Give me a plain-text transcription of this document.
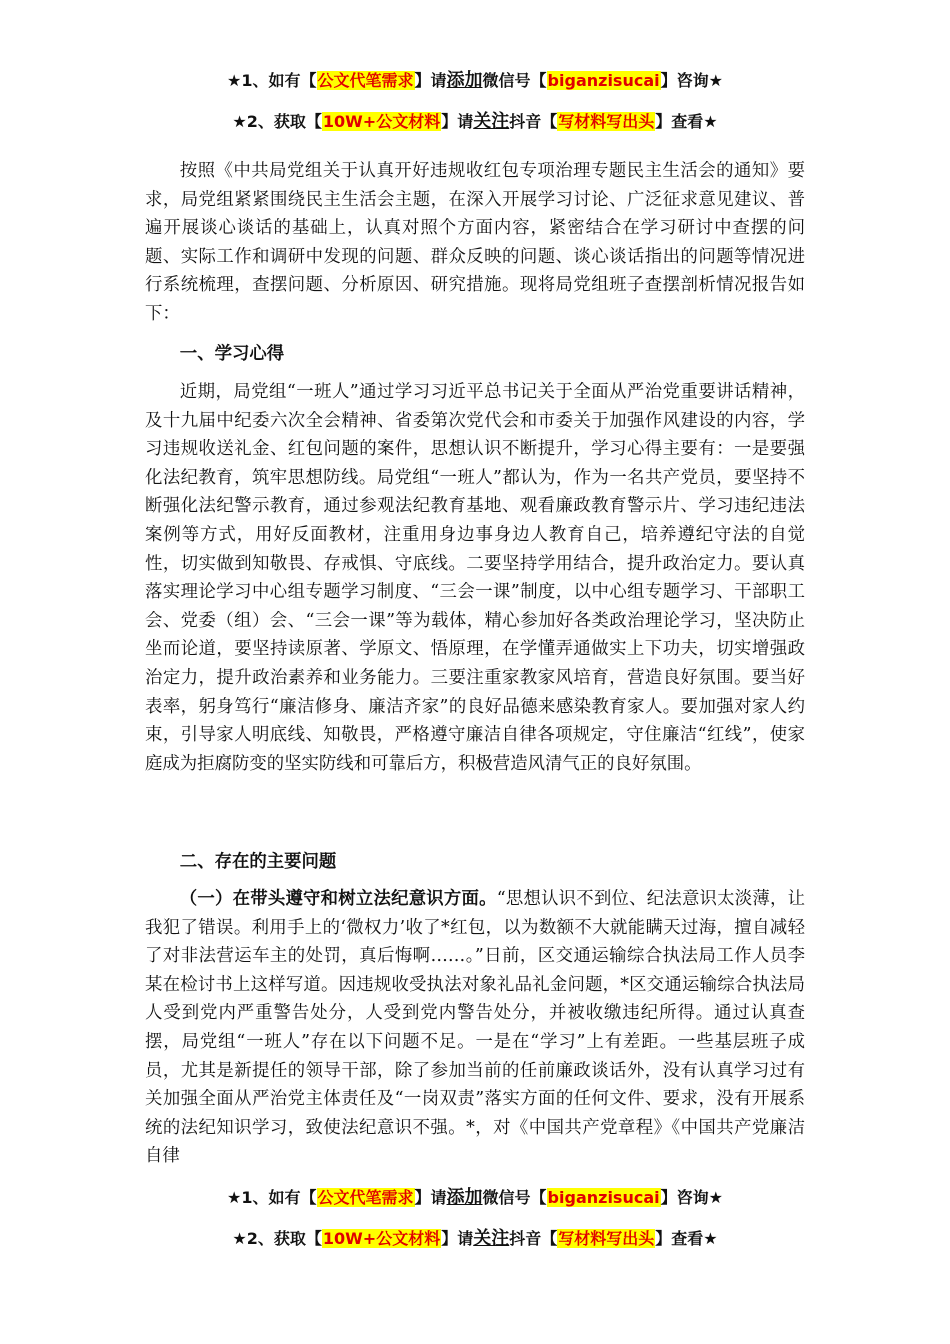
★1、如有【公文代笔需求】请添加微信号【biganzisucai】咨询★
★2、获取【10W+公文材料】请关注抖音【写材料写出头】查看★

按照《中共局党组关于认真开好违规收红包专项治理专题民主生活会的通知》要求，局党组紧紧围绕民主生活会主题，在深入开展学习讨论、广泛征求意见建议、普遍开展谈心谈话的基础上，认真对照个方面内容，紧密结合在学习研讨中查摆的问题、实际工作和调研中发现的问题、群众反映的问题、谈心谈话指出的问题等情况进行系统梳理，查摆问题、分析原因、研究措施。现将局党组班子查摆剖析情况报告如下：

一、学习心得

近期，局党组“一班人”通过学习习近平总书记关于全面从严治党重要讲话精神，及十九届中纪委六次全会精神、省委第次党代会和市委关于加强作风建设的内容，学习违规收送礼金、红包问题的案件，思想认识不断提升，学习心得主要有：一是要强化法纪教育，筑牢思想防线。局党组“一班人”都认为，作为一名共产党员，要坚持不断强化法纪警示教育，通过参观法纪教育基地、观看廉政教育警示片、学习违纪违法案例等方式，用好反面教材，注重用身边事身边人教育自己，培养遵纪守法的自觉性，切实做到知敬畏、存戒惧、守底线。二要坚持学用结合，提升政治定力。要认真落实理论学习中心组专题学习制度、“三会一课”制度，以中心组专题学习、干部职工会、党委（组）会、“三会一课”等为载体，精心参加好各类政治理论学习，坚决防止坐而论道，要坚持读原著、学原文、悟原理，在学懂弄通做实上下功夫，切实增强政治定力，提升政治素养和业务能力。三要注重家教家风培育，营造良好氛围。要当好表率，躬身笃行“廉洁修身、廉洁齐家”的良好品德来感染教育家人。要加强对家人约束，引导家人明底线、知敬畏，严格遵守廉洁自律各项规定，守住廉洁“红线”，使家庭成为拒腐防变的坚实防线和可靠后方，积极营造风清气正的良好氛围。

二、存在的主要问题

（一）在带头遵守和树立法纪意识方面。“思想认识不到位、纪法意识太淡薄，让我犯了错误。利用手上的‘微权力’收了*红包，以为数额不大就能瞒天过海，擅自减轻了对非法营运车主的处罚，真后悔啊……。”日前，区交通运输综合执法局工作人员李某在检讨书上这样写道。因违规收受执法对象礼品礼金问题，*区交通运输综合执法局人受到党内严重警告处分，人受到党内警告处分，并被收缴违纪所得。通过认真查摆，局党组“一班人”存在以下问题不足。一是在“学习”上有差距。一些基层班子成员，尤其是新提任的领导干部，除了参加当前的任前廉政谈话外，没有认真学习过有关加强全面从严治党主体责任及“一岗双责”落实方面的任何文件、要求，没有开展系统的法纪知识学习，致使法纪意识不强。*，对《中国共产党章程》《中国共产党廉洁自律

★1、如有【公文代笔需求】请添加微信号【biganzisucai】咨询★
★2、获取【10W+公文材料】请关注抖音【写材料写出头】查看★
